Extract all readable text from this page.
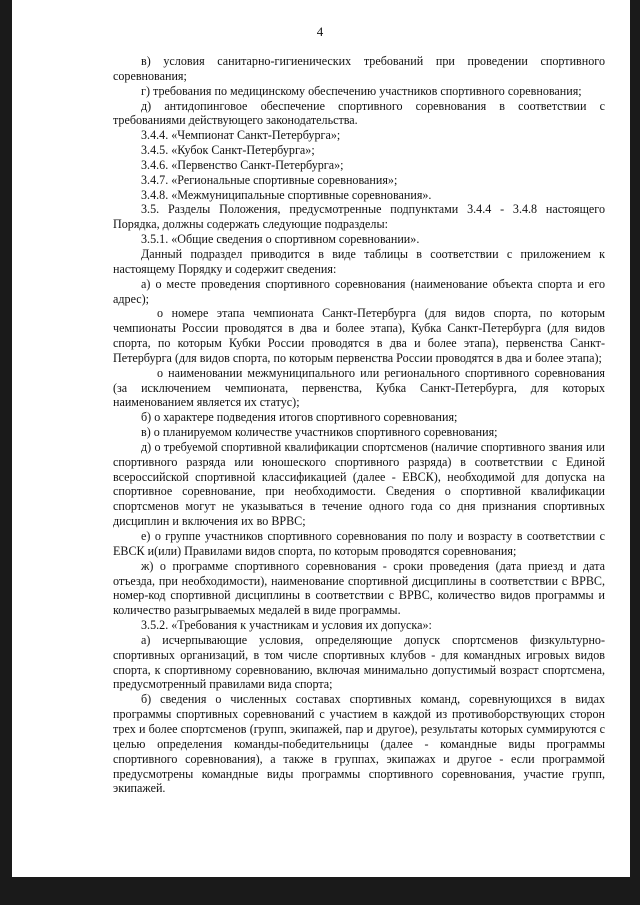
4

в) условия санитарно-гигиенических требований при проведении спортивного соревнования;

г) требования по медицинскому обеспечению участников спортивного соревнования;

д) антидопинговое обеспечение спортивного соревнования в соответствии с требованиями действующего законодательства.

3.4.4. «Чемпионат Санкт-Петербурга»;

3.4.5. «Кубок Санкт-Петербурга»;

3.4.6. «Первенство Санкт-Петербурга»;

3.4.7. «Региональные спортивные соревнования»;

3.4.8. «Межмуниципальные спортивные соревнования».

3.5. Разделы Положения, предусмотренные подпунктами 3.4.4 - 3.4.8 настоящего Порядка, должны содержать следующие подразделы:

3.5.1. «Общие сведения о спортивном соревновании».

Данный подраздел приводится в виде таблицы в соответствии с приложением к настоящему Порядку и содержит сведения:

а) о месте проведения спортивного соревнования (наименование объекта спорта и его адрес);

о номере этапа чемпионата Санкт-Петербурга (для видов спорта, по которым чемпионаты России проводятся в два и более этапа), Кубка Санкт-Петербурга (для видов спорта, по которым Кубки России проводятся в два и более этапа), первенства Санкт-Петербурга (для видов спорта, по которым первенства России проводятся в два и более этапа);

о наименовании межмуниципального или регионального спортивного соревнования (за исключением чемпионата, первенства, Кубка Санкт-Петербурга, для которых наименованием является их статус);

б) о характере подведения итогов спортивного соревнования;

в) о планируемом количестве участников спортивного соревнования;

д) о требуемой спортивной квалификации спортсменов (наличие спортивного звания или спортивного разряда или юношеского спортивного разряда) в соответствии с Единой всероссийской спортивной классификацией (далее - ЕВСК), необходимой для допуска на спортивное соревнование, при необходимости. Сведения о спортивной квалификации спортсменов могут не указываться в течение одного года со дня признания спортивных дисциплин и включения их во ВРВС;

е) о группе участников спортивного соревнования по полу и возрасту в соответствии с ЕВСК и(или) Правилами видов спорта, по которым проводятся соревнования;

ж) о программе спортивного соревнования - сроки проведения (дата приезд и дата отъезда, при необходимости), наименование спортивной дисциплины в соответствии с ВРВС, номер-код спортивной дисциплины в соответствии с ВРВС, количество видов программы и количество разыгрываемых медалей в виде программы.

3.5.2. «Требования к участникам и условия их допуска»:

а) исчерпывающие условия, определяющие допуск спортсменов физкультурно-спортивных организаций, в том числе спортивных клубов - для командных игровых видов спорта, к спортивному соревнованию, включая минимально допустимый возраст спортсмена, предусмотренный правилами вида спорта;

б) сведения о численных составах спортивных команд, соревнующихся в видах программы спортивных соревнований с участием в каждой из противоборствующих сторон трех и более спортсменов (групп, экипажей, пар и другое), результаты которых суммируются с целью определения команды-победительницы (далее - командные виды программы спортивного соревнования), а также в группах, экипажах и другое - если программой предусмотрены командные виды программы спортивного соревнования, участие групп, экипажей.
